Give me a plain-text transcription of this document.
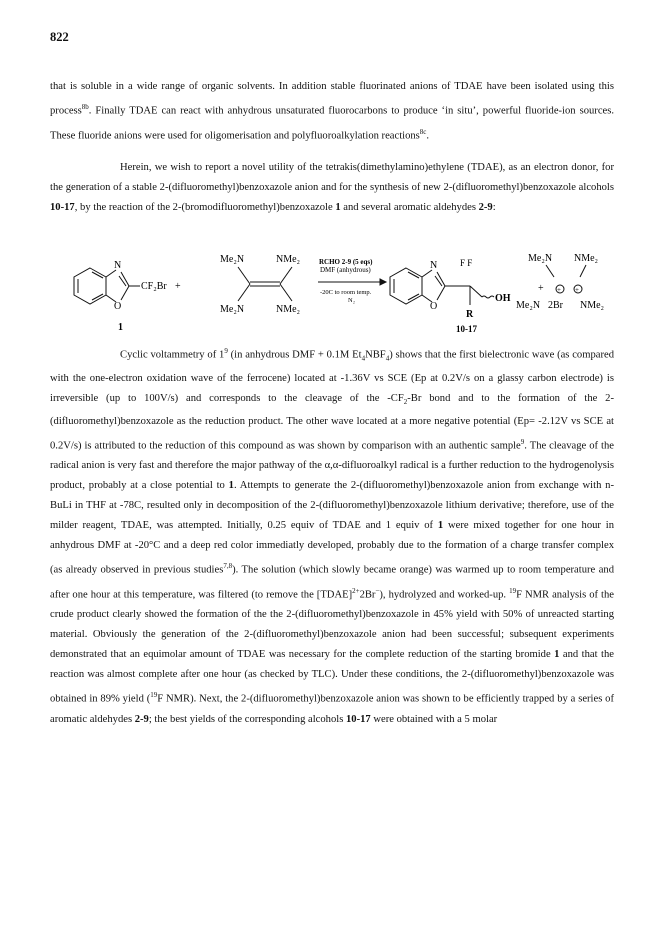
822

that is soluble in a wide range of organic solvents. In addition stable fluorinated anions of TDAE have been isolated using this process$^{8b}$. Finally TDAE can react with anhydrous unsaturated fluorocarbons to produce ‘in situ’, powerful fluoride-ion sources. These fluoride anions were used for oligomerisation and polyfluoroalkylation reactions$^{8c}$.

Herein, we wish to report a novel utility of the tetrakis(dimethylamino)ethylene (TDAE), as an electron donor, for the generation of a stable 2-(difluoromethyl)benzoxazole anion and for the synthesis of new 2-(difluoromethyl)benzoxazole alcohols 10-17, by the reaction of the 2-(bromodifluoromethyl)benzoxazole 1 and several aromatic aldehydes 2-9:

N
O
CF₂Br +
1
Me₂N	NMe₂
Me₂N	NMe₂
RCHO 2-9 (5 eqs)
DMF (anhydrous)
-20C to room temp.
N₂
N
O
F F
OH
R
10-17
Me₂N NMe₂
+ + +
Me₂N 2Br NMe₂

Cyclic voltammetry of $1^9$ (in anhydrous DMF + 0.1M $Et_4NBF_4$) shows that the first bielectronic wave (as compared with the one-electron oxidation wave of the ferrocene) located at -1.36V vs SCE (Ep at 0.2V/s on a glassy carbon electrode) is irreversible (up to 100V/s) and corresponds to the cleavage of the $-CF_2-Br$ bond and to the formation of the 2-(difluoromethyl)benzoxazole as the reduction product. The other wave located at a more negative potential (Ep= -2.12V vs SCE at 0.2V/s) is attributed to the reduction of this compound as was shown by comparison with an authentic sample$^9$. The cleavage of the radical anion is very fast and therefore the major pathway of the α,α-difluoroalkyl radical is a further reduction to the hydrogenolysis product, probably at a close potential to 1. Attempts to generate the 2-(difluoromethyl)benzoxazole anion from exchange with n-BuLi in THF at -78C, resulted only in decomposition of the 2-(difluoromethyl)benzoxazole lithium derivative; therefore, use of the milder reagent, TDAE, was attempted. Initially, 0.25 equiv of TDAE and 1 equiv of 1 were mixed together for one hour in anhydrous DMF at -20°C and a deep red color immediatly developed, probably due to the formation of a charge transfer complex (as already observed in previous studies$^{7,8}$). The solution (which slowly became orange) was warmed up to room temperature and after one hour at this temperature, was filtered (to remove the [TDAE]$^{2+}$2Br−), hydrolyzed and worked-up. $^{19}$F NMR analysis of the crude product clearly showed the formation of the the 2-(difluoromethyl)benzoxazole in 45% yield with 50% of unreacted starting material. Obviously the generation of the 2-(difluoromethyl)benzoxazole anion had been successful; subsequent experiments demonstrated that an equimolar amount of TDAE was necessary for the complete reduction of the starting bromide 1 and that the reaction was almost complete after one hour (as checked by TLC). Under these conditions, the 2-(difluoromethyl)benzoxazole was obtained in 89% yield ($^{19}$F NMR). Next, the 2-(difluoromethyl)benzoxazole anion was shown to be efficiently trapped by a series of aromatic aldehydes 2-9; the best yields of the corresponding alcohols 10-17 were obtained with a 5 molar
